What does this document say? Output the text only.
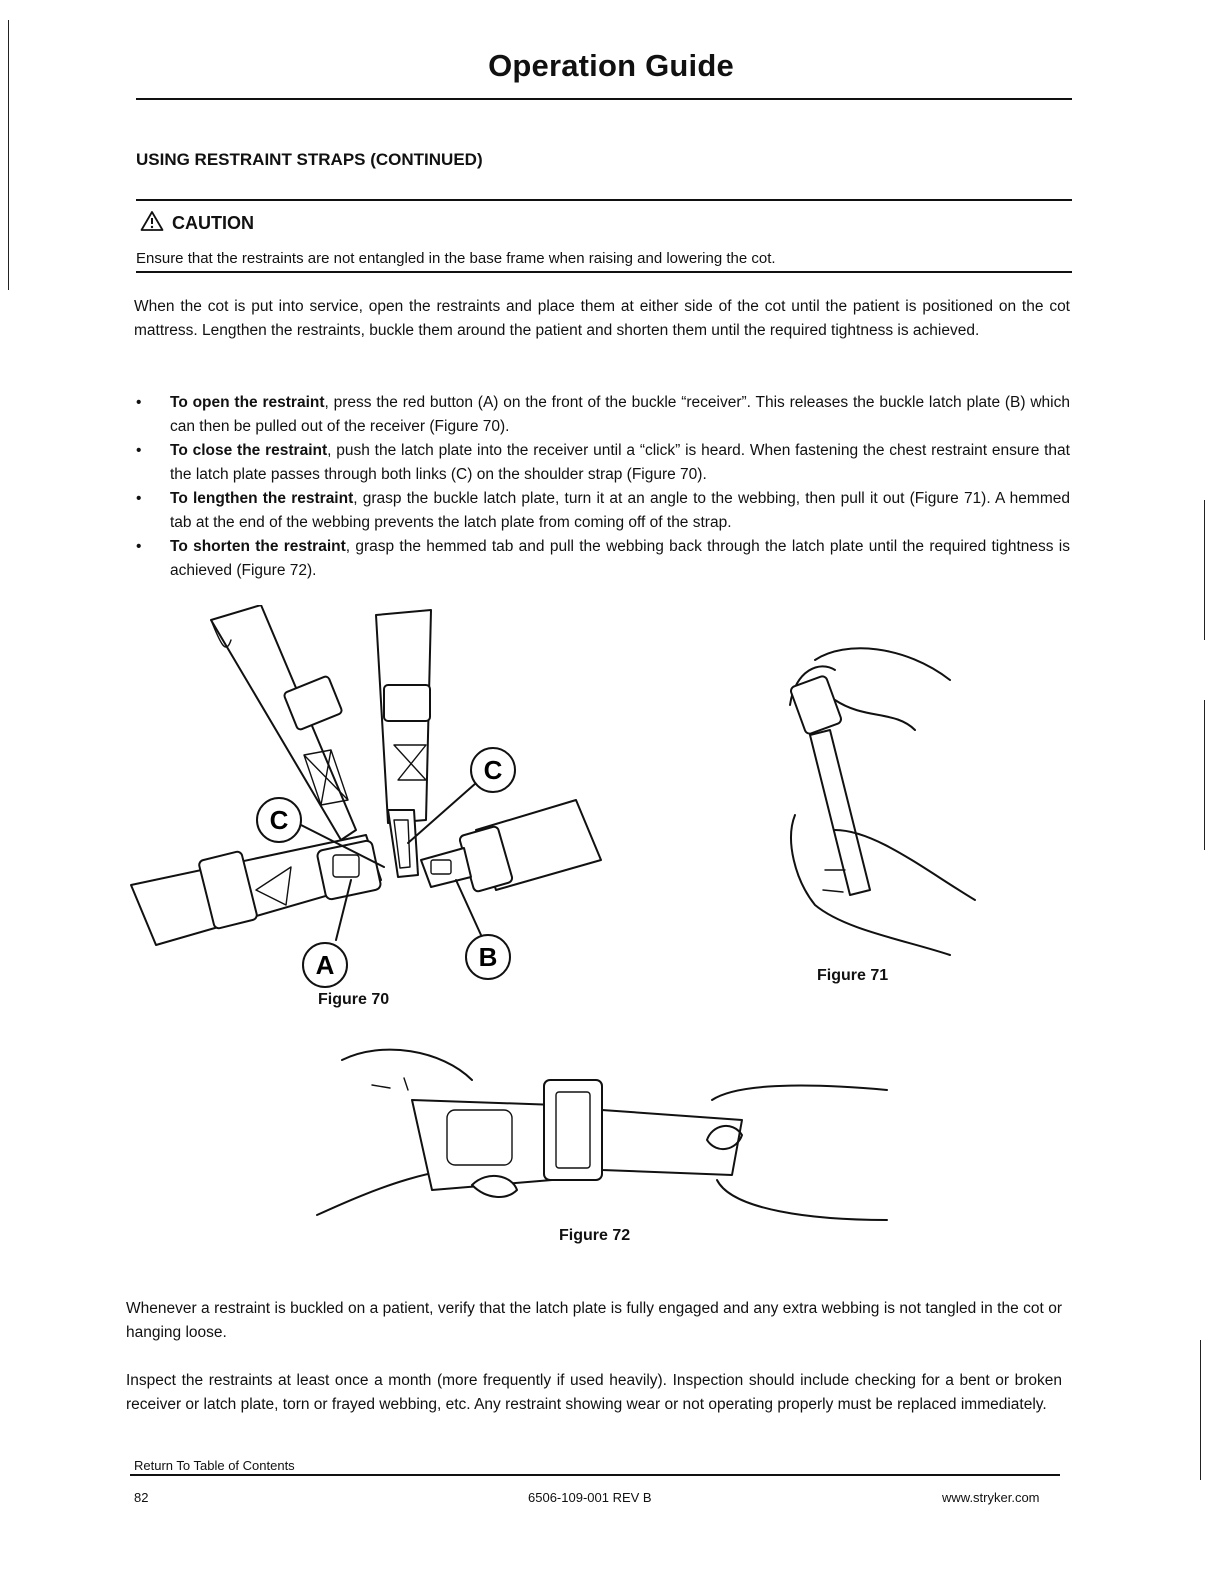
Operation Guide
USING RESTRAINT STRAPS (CONTINUED)
CAUTION
Ensure that the restraints are not entangled in the base frame when raising and lowering the cot.
When the cot is put into service, open the restraints and place them at either side of the cot until the patient is positioned on the cot mattress. Lengthen the restraints, buckle them around the patient and shorten them until the required tightness is achieved.
• To open the restraint, press the red button (A) on the front of the buckle “receiver”. This releases the buckle latch plate (B) which can then be pulled out of the receiver (Figure 70).
• To close the restraint, push the latch plate into the receiver until a “click” is heard. When fastening the chest restraint ensure that the latch plate passes through both links (C) on the shoulder strap (Figure 70).
• To lengthen the restraint, grasp the buckle latch plate, turn it at an angle to the webbing, then pull it out (Figure 71). A hemmed tab at the end of the webbing prevents the latch plate from coming off of the strap.
• To shorten the restraint, grasp the hemmed tab and pull the webbing back through the latch plate until the required tightness is achieved (Figure 72).
A	B
C
C
Figure 70
Figure 71
Figure 72
Whenever a restraint is buckled on a patient, verify that the latch plate is fully engaged and any extra webbing is not tangled in the cot or hanging loose.
Inspect the restraints at least once a month (more frequently if used heavily). Inspection should include checking for a bent or broken receiver or latch plate, torn or frayed webbing, etc. Any restraint showing wear or not operating properly must be replaced immediately.
Return To Table of Contents
82	6506-109-001 REV B	www.stryker.com
